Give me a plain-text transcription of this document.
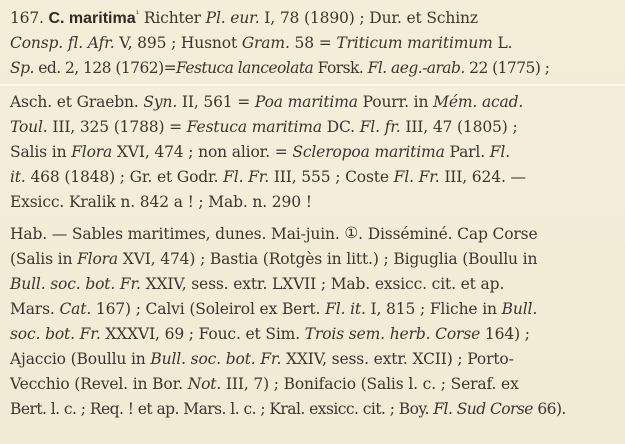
167. C. maritima$^{^1}$ Richter Pl. eur. I, 78 (1890) ; Dur. et Schinz
Consp. fl. Afr. V, 895 ; Husnot Gram. 58 = Triticum maritimum L.
Sp. ed. 2, 128 (1762)=Festuca lanceolata Forsk. Fl. aeg.-arab. 22 (1775) ;
Asch. et Graebn. Syn. II, 561 = Poa maritima Pourr. in Mém. acad.
Toul. III, 325 (1788) = Festuca maritima DC. Fl. fr. III, 47 (1805) ;
Salis in Flora XVI, 474 ; non alior. = Scleropoa maritima Parl. Fl.
it. 468 (1848) ; Gr. et Godr. Fl. Fr. III, 555 ; Coste Fl. Fr. III, 624. —
Exsicc. Kralik n. 842 a ! ; Mab. n. 290 !
Hab. — Sables maritimes, dunes. Mai-juin. ①. Disséminé. Cap Corse
(Salis in Flora XVI, 474) ; Bastia (Rotgès in litt.) ; Biguglia (Boullu in
Bull. soc. bot. Fr. XXIV, sess. extr. LXVII ; Mab. exsicc. cit. et ap.
Mars. Cat. 167) ; Calvi (Soleirol ex Bert. Fl. it. I, 815 ; Fliche in Bull.
soc. bot. Fr. XXXVI, 69 ; Fouc. et Sim. Trois sem. herb. Corse 164) ;
Ajaccio (Boullu in Bull. soc. bot. Fr. XXIV, sess. extr. XCII) ; Porto-
Vecchio (Revel. in Bor. Not. III, 7) ; Bonifacio (Salis l. c. ; Seraf. ex
Bert. l. c. ; Req. ! et ap. Mars. l. c. ; Kral. exsicc. cit. ; Boy. Fl. Sud Corse 66).
